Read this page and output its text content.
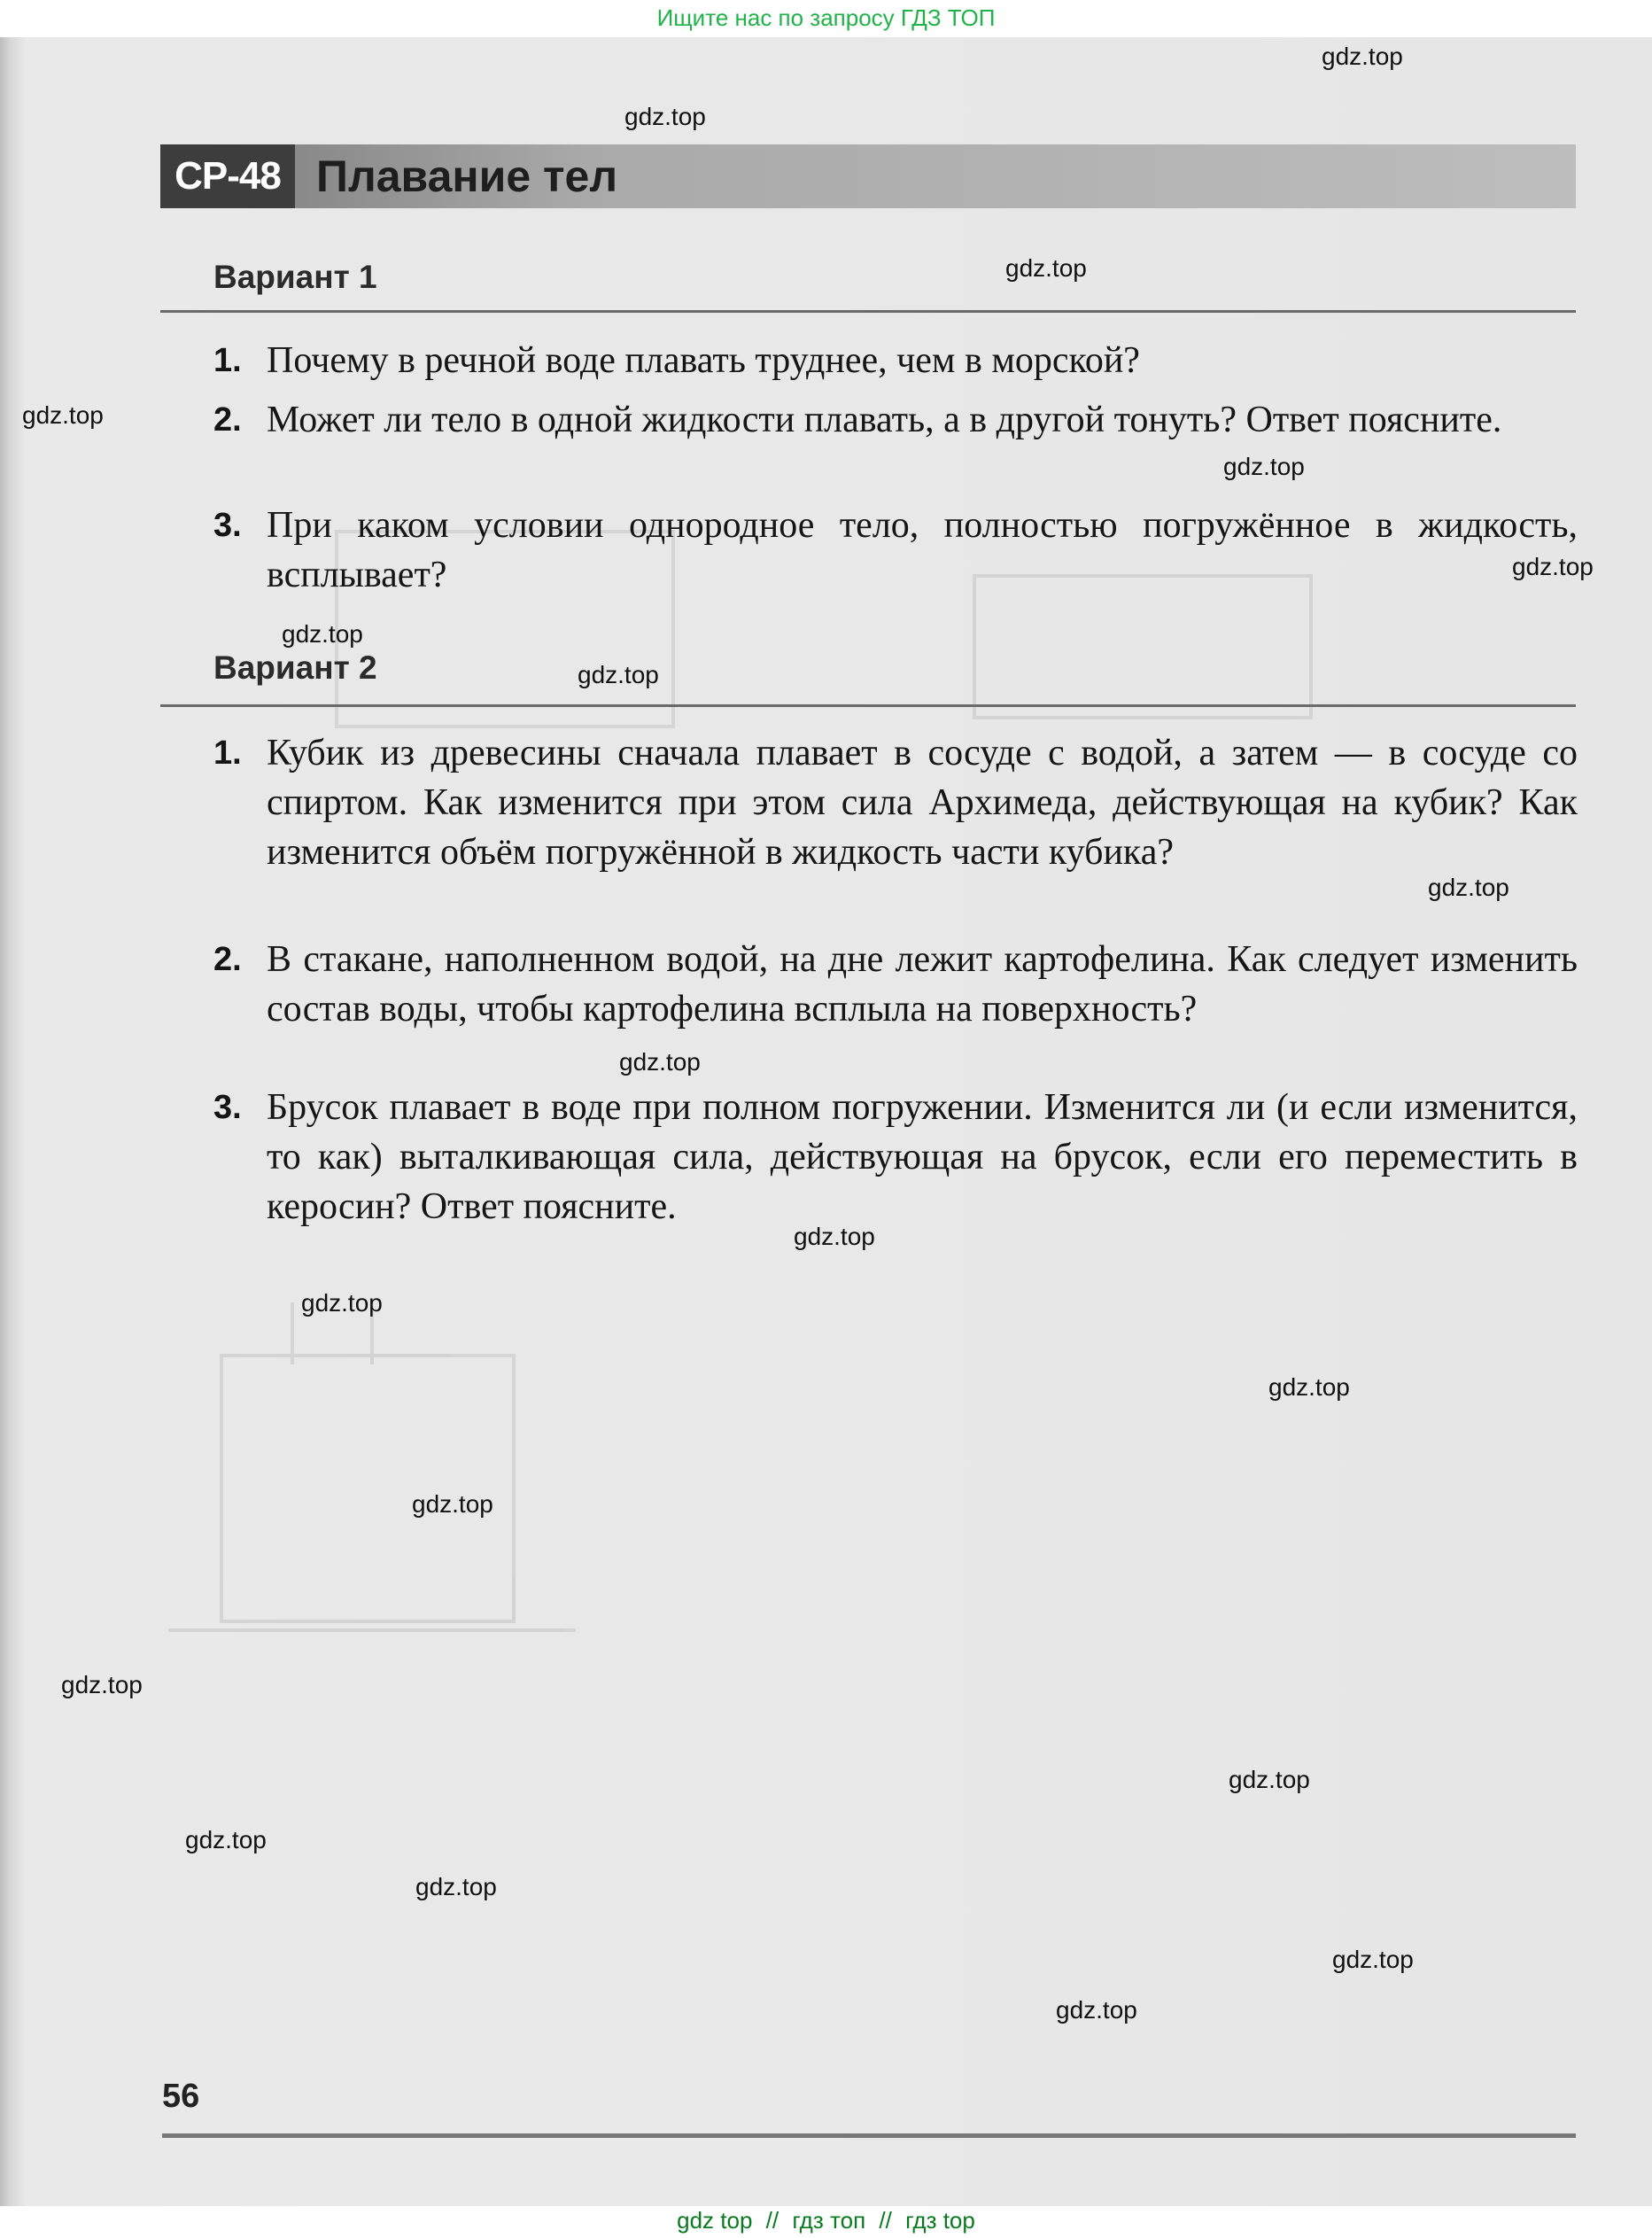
Ищите нас по запросу ГДЗ ТОП
СР-48 Плавание тел
Вариант 1
1. Почему в речной воде плавать труднее, чем в морской?
2. Может ли тело в одной жидкости плавать, а в другой тонуть? Ответ поясните.
3. При каком условии однородное тело, полностью погружённое в жидкость, всплывает?
Вариант 2
1. Кубик из древесины сначала плавает в сосуде с водой, а затем — в сосуде со спиртом. Как изменится при этом сила Архимеда, действующая на кубик? Как изменится объём погружённой в жидкость части кубика?
2. В стакане, наполненном водой, на дне лежит картофелина. Как следует изменить состав воды, чтобы картофелина всплыла на поверхность?
3. Брусок плавает в воде при полном погружении. Изменится ли (и если изменится, то как) выталкивающая сила, действующая на брусок, если его переместить в керосин? Ответ поясните.
gdz.top
gdz.top
gdz.top
gdz.top
gdz.top
gdz.top
gdz.top
gdz.top
gdz.top
gdz.top
gdz.top
gdz.top
gdz.top
gdz.top
gdz.top
gdz.top
gdz.top
gdz.top
gdz.top
gdz.top
56
gdz top // гдз топ // гдз top
